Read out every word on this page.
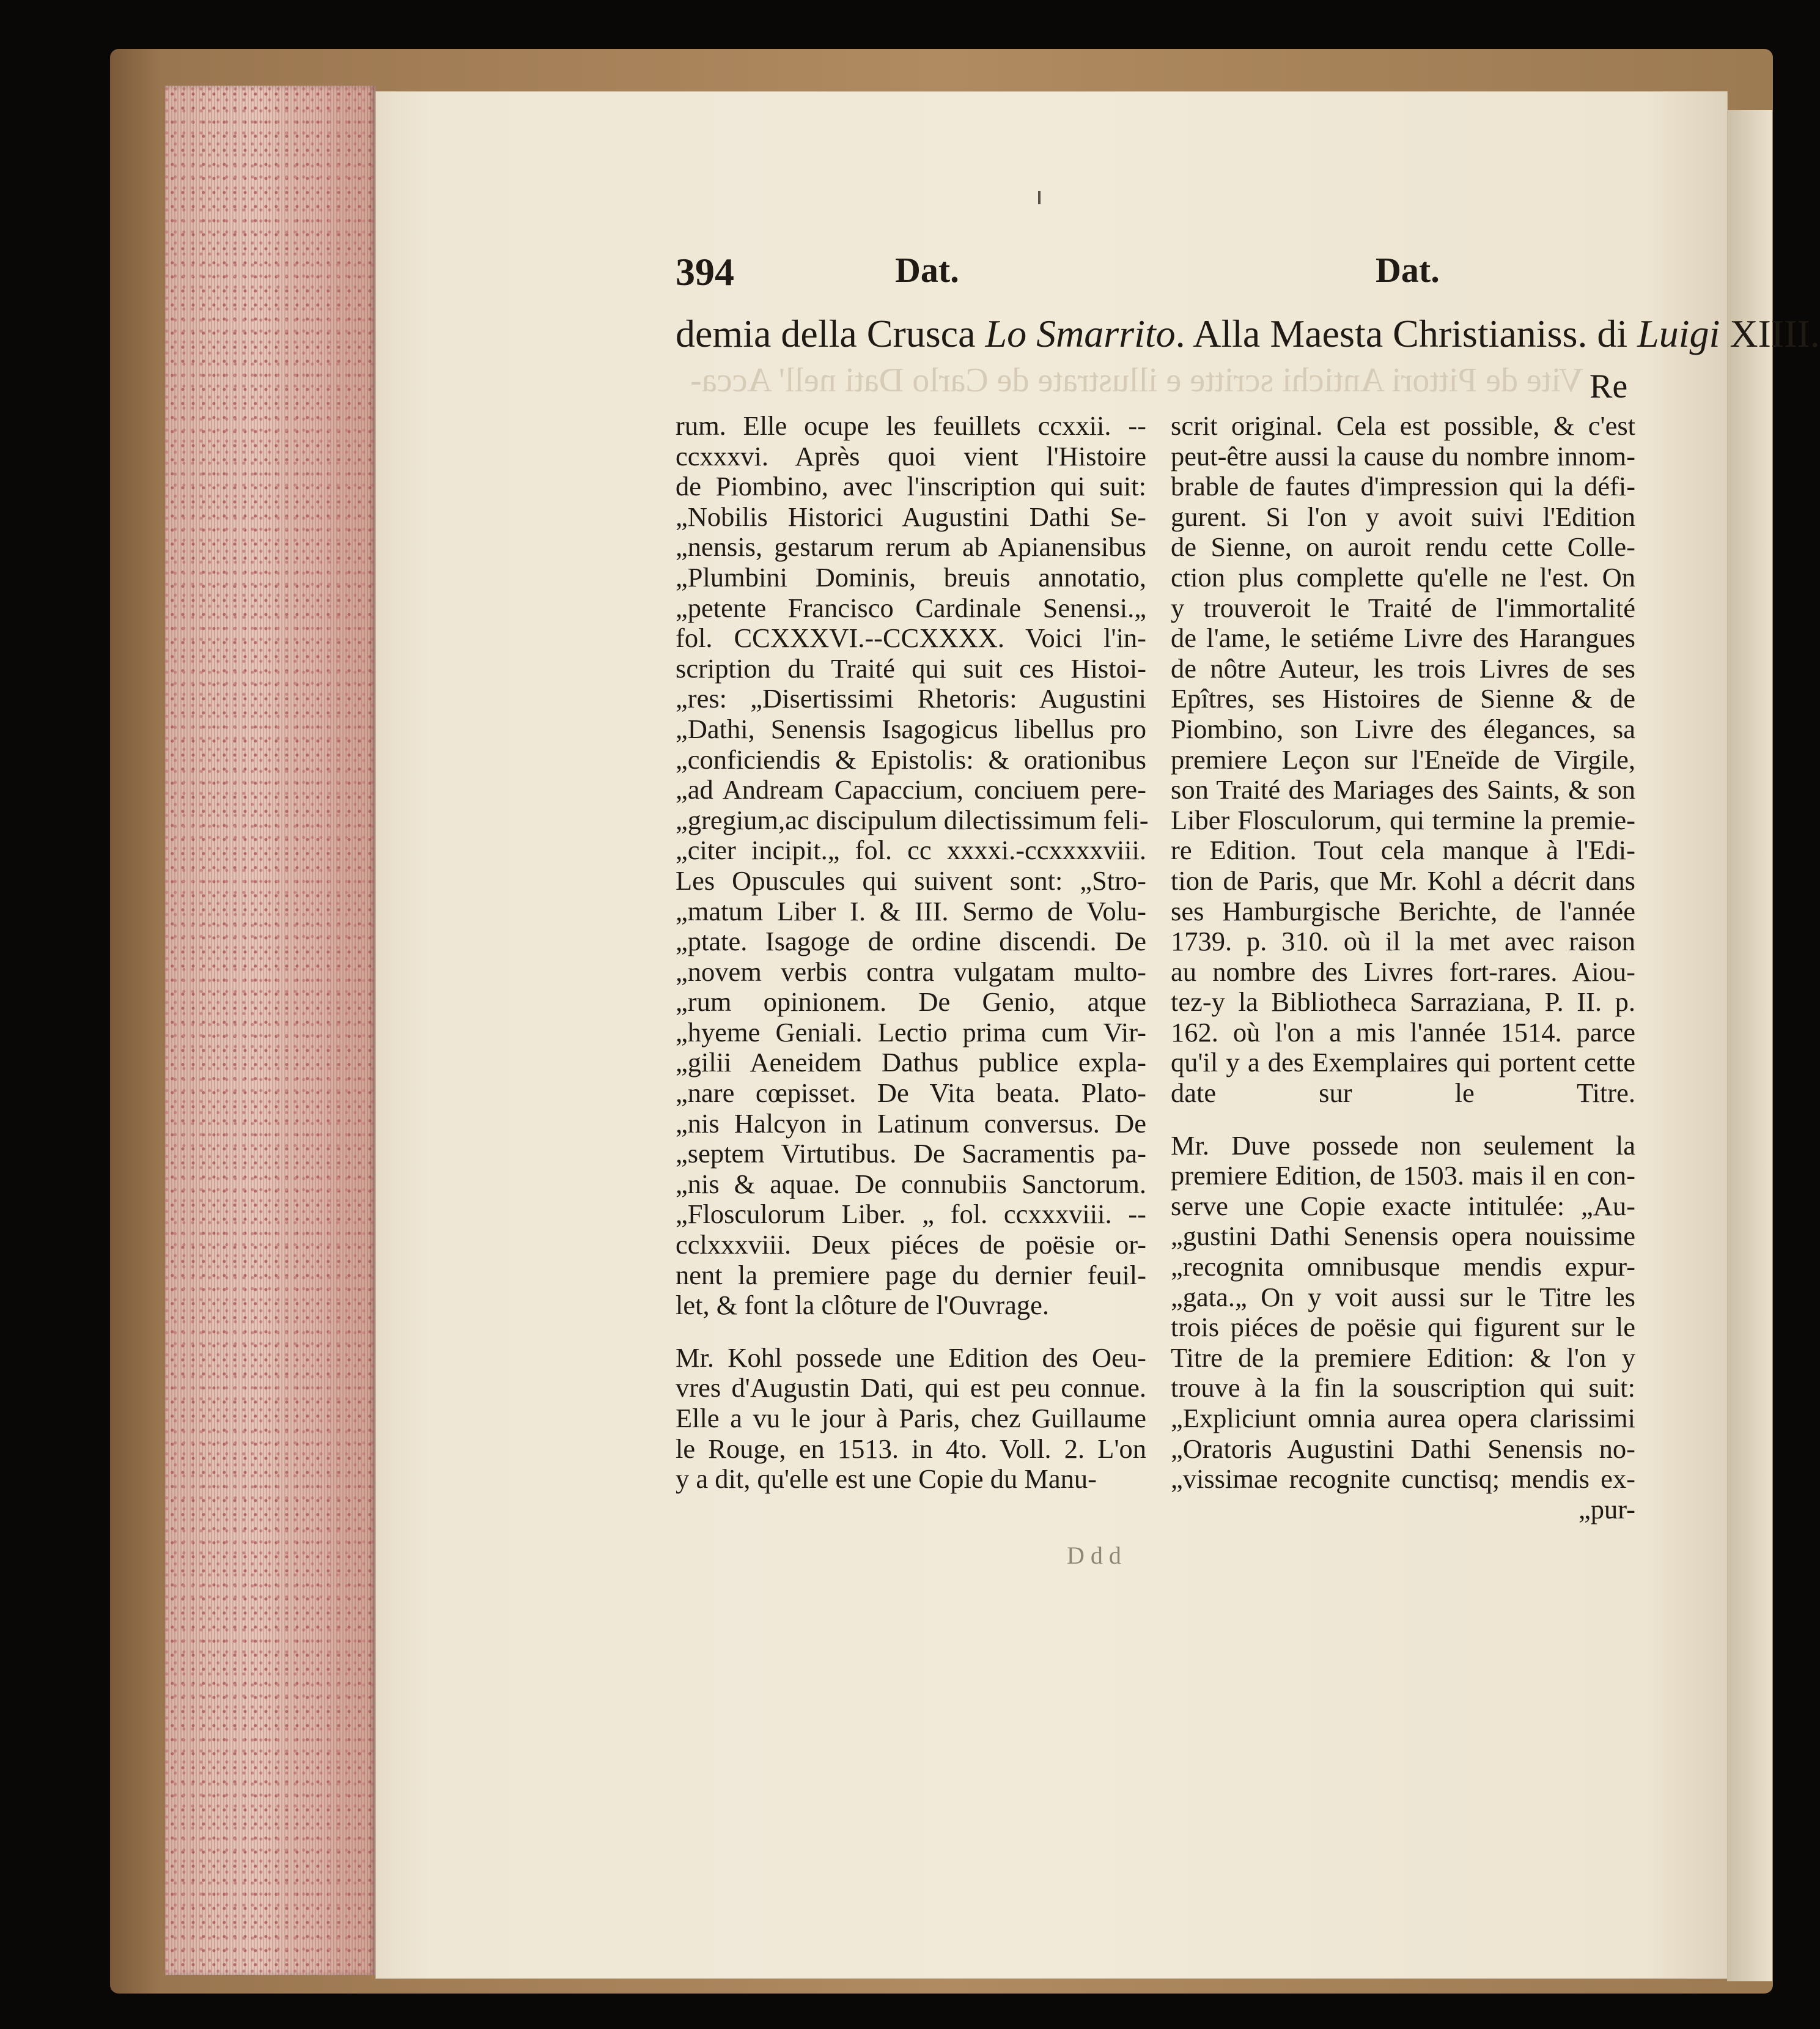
394	Dat.	Dat.
demia della Crusca Lo Smarrito. Alla Maesta Christianiss. di Luigi XIIII.
Vite de Pittori Antichi scritte e illustrate de Carlo Dati nell' Acca- Re
rum. Elle ocupe les feuillets ccxxii. --
ccxxxvi. Après quoi vient l'Histoire
de Piombino, avec l'inscription qui suit:
„Nobilis Historici Augustini Dathi Se-
„nensis, gestarum rerum ab Apianensibus
„Plumbini Dominis, breuis annotatio,
„petente Francisco Cardinale Senensi.„
fol. CCXXXVI.--CCXXXX. Voici l'in-
scription du Traité qui suit ces Histoi-
„res: „Disertissimi Rhetoris: Augustini
„Dathi, Senensis Isagogicus libellus pro
„conficiendis & Epistolis: & orationibus
„ad Andream Capaccium, conciuem pere-
„gregium,ac discipulum dilectissimum feli-
„citer incipit.„ fol. cc xxxxi.-ccxxxxviii.
Les Opuscules qui suivent sont: „Stro-
„matum Liber I. & III. Sermo de Volu-
„ptate. Isagoge de ordine discendi. De
„novem verbis contra vulgatam multo-
„rum opinionem. De Genio, atque
„hyeme Geniali. Lectio prima cum Vir-
„gilii Aeneidem Dathus publice expla-
„nare cœpisset. De Vita beata. Plato-
„nis Halcyon in Latinum conversus. De
„septem Virtutibus. De Sacramentis pa-
„nis & aquae. De connubiis Sanctorum.
„Flosculorum Liber. „ fol. ccxxxviii. --
cclxxxviii. Deux piéces de poësie or-
nent la premiere page du dernier feuil-
let, & font la clôture de l'Ouvrage.
Mr. Kohl possede une Edition des Oeu-
vres d'Augustin Dati, qui est peu connue.
Elle a vu le jour à Paris, chez Guillaume
le Rouge, en 1513. in 4to. Voll. 2. L'on
y a dit, qu'elle est une Copie du Manu-
scrit original. Cela est possible, & c'est
peut-être aussi la cause du nombre innom-
brable de fautes d'impression qui la défi-
gurent. Si l'on y avoit suivi l'Edition
de Sienne, on auroit rendu cette Colle-
ction plus complette qu'elle ne l'est. On
y trouveroit le Traité de l'immortalité
de l'ame, le setiéme Livre des Harangues
de nôtre Auteur, les trois Livres de ses
Epîtres, ses Histoires de Sienne & de
Piombino, son Livre des élegances, sa
premiere Leçon sur l'Eneïde de Virgile,
son Traité des Mariages des Saints, & son
Liber Flosculorum, qui termine la premie-
re Edition. Tout cela manque à l'Edi-
tion de Paris, que Mr. Kohl a décrit dans
ses Hamburgische Berichte, de l'année
1739. p. 310. où il la met avec raison
au nombre des Livres fort-rares. Aiou-
tez-y la Bibliotheca Sarraziana, P. II. p.
162. où l'on a mis l'année 1514. parce
qu'il y a des Exemplaires qui portent cette
date sur le Titre.
Mr. Duve possede non seulement la
premiere Edition, de 1503. mais il en con-
serve une Copie exacte intitulée: „Au-
„gustini Dathi Senensis opera nouissime
„recognita omnibusque mendis expur-
„gata.„ On y voit aussi sur le Titre les
trois piéces de poësie qui figurent sur le
Titre de la premiere Edition: & l'on y
trouve à la fin la souscription qui suit:
„Expliciunt omnia aurea opera clarissimi
„Oratoris Augustini Dathi Senensis no-
„vissimae recognite cunctisq; mendis ex-
„pur-
D d d
